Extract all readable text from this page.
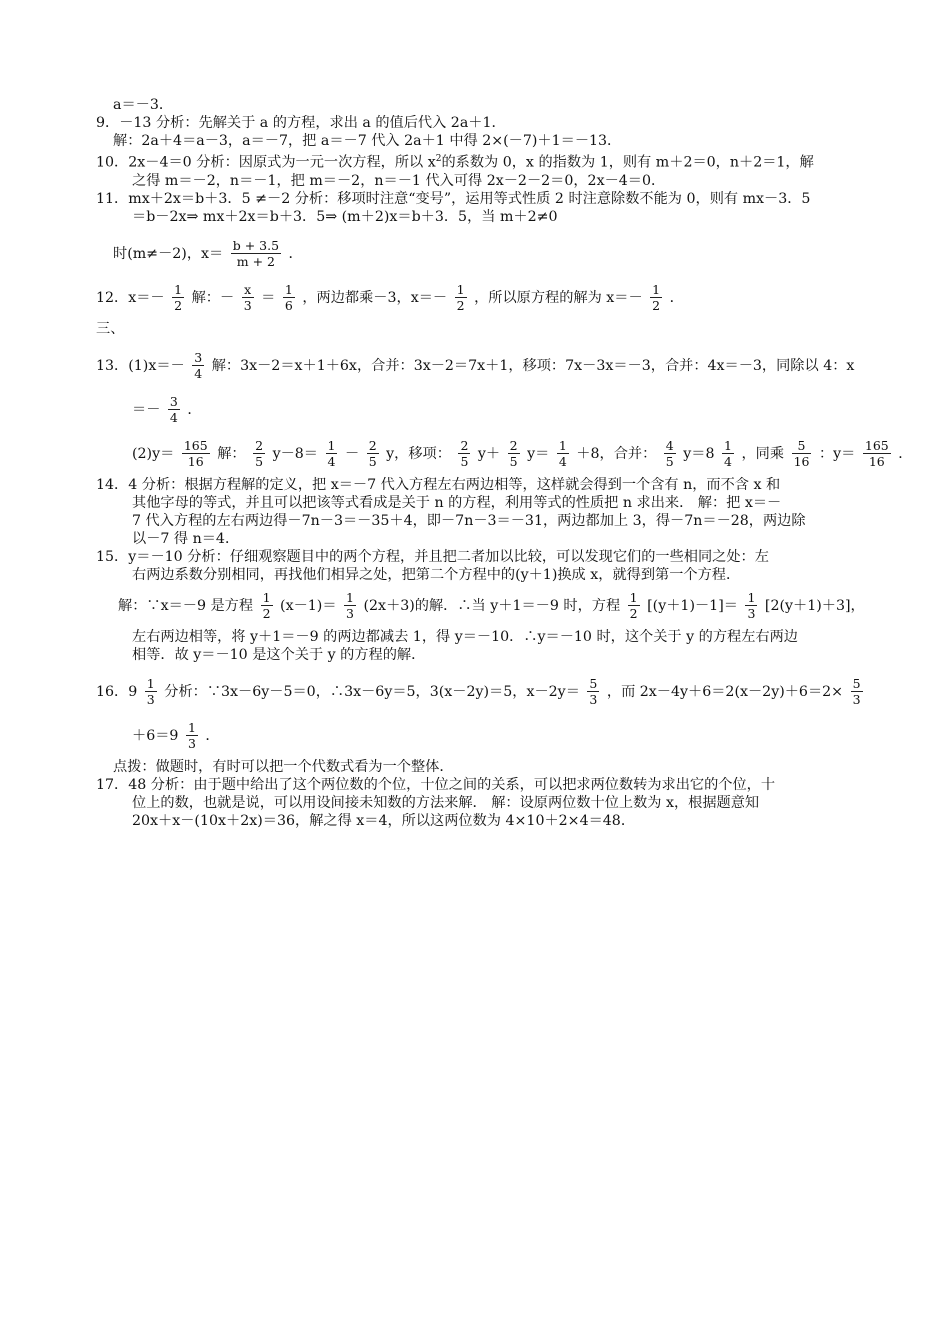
a＝－3．
9．－13 分析：先解关于 a 的方程，求出 a 的值后代入 2a＋1．
解：2a＋4＝a－3，a＝－7，把 a＝－7 代入 2a＋1 中得 2×(－7)＋1＝－13．
10．2x－4＝0 分析：因原式为一元一次方程，所以 $x^2$的系数为 0，x 的指数为 1，则有 m＋2＝0，n＋2＝1，解
之得 m＝－2，n＝－1，把 m＝－2，n＝－1 代入可得 2x－2－2＝0，2x－4＝0．
11．mx＋2x＝b＋3．5 ≠－2 分析：移项时注意“变号”，运用等式性质 2 时注意除数不能为 0，则有 mx－3．5
＝b－2x⇒ mx＋2x＝b＋3．5⇒ (m＋2)x＝b＋3．5，当 m＋2≠0
时(m≠－2)，$x= \frac{b + 3.5}{m + 2}$ ．
12．$x=- \frac{1}{2}$ 解：－ $\frac{x}{3} = \frac{1}{6}$ ，两边都乘－3，$x=- \frac{1}{2}$ ，所以原方程的解为 $x=- \frac{1}{2}$ ．
三、
13．$(1)x=- \frac{3}{4}$ 解：3x－2＝x＋1＋6x，合并：3x－2＝7x＋1，移项：7x－3x＝－3，合并：4x＝－3，同除以 4：x
＝－ $\frac{3}{4}$ ．
$(2)y= \frac{165}{16}$ 解： $\frac{2}{5} y-8= \frac{1}{4} - \frac{2}{5}$ y，移项： $\frac{2}{5} y+ \frac{2}{5} y= \frac{1}{4} +8$，合并： $\frac{4}{5} y=8 \frac{1}{4}$ ，同乘 $\frac{5}{16}$ ：$y= \frac{165}{16}$ ．
14．4 分析：根据方程解的定义，把 x＝－7 代入方程左右两边相等，这样就会得到一个含有 n，而不含 x 和
其他字母的等式，并且可以把该等式看成是关于 n 的方程，利用等式的性质把 n 求出来． 解：把 x＝－
7 代入方程的左右两边得－7n－3＝－35＋4，即－7n－3＝－31，两边都加上 3，得－7n＝－28，两边除
以－7 得 n＝4．
15．y＝－10 分析：仔细观察题目中的两个方程，并且把二者加以比较，可以发现它们的一些相同之处：左
右两边系数分别相同，再找他们相异之处，把第二个方程中的(y＋1)换成 x，就得到第一个方程．
解：∵x＝－9 是方程 $\frac{1}{2} (x-1)= \frac{1}{3} (2x+3)$的解．∴当 y＋1＝－9 时，方程 $\frac{1}{2} [(y+1)-1]= \frac{1}{3} [2(y+1)+3]$，
左右两边相等，将 y＋1＝－9 的两边都减去 1，得 y＝－10．∴y＝－10 时，这个关于 y 的方程左右两边
相等．故 y＝－10 是这个关于 y 的方程的解．
16．$9 \frac{1}{3}$ 分析：∵3x－6y－5＝0，∴3x－6y＝5，3(x－2y)＝5，$x-2y= \frac{5}{3}$ ，而 $2x-4y+6=2(x-2y)+6=2\times \frac{5}{3}$
$+6=9 \frac{1}{3}$ ．
点拨：做题时，有时可以把一个代数式看为一个整体．
17．48 分析：由于题中给出了这个两位数的个位，十位之间的关系，可以把求两位数转为求出它的个位，十
位上的数，也就是说，可以用设间接未知数的方法来解． 解：设原两位数十位上数为 x，根据题意知
20x＋x－(10x＋2x)＝36，解之得 x＝4，所以这两位数为 4×10＋2×4＝48．
